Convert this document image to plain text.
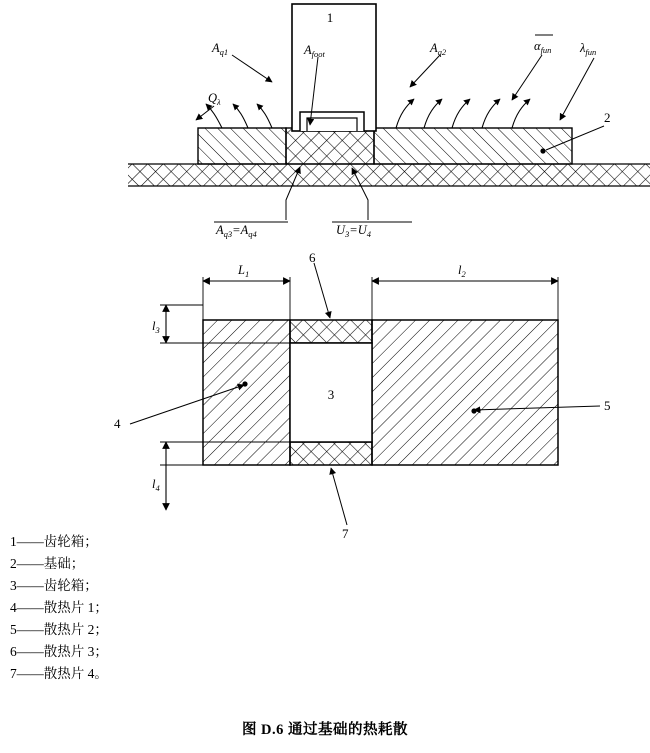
1
$A_{q1}$	$A_{foot}$	$A_{q2}$	$\alpha_{fun}$ $\lambda_{fun}$
$Q_\lambda$
2
$A_{q3}=A_{q4}$	$U_3=U_4$
$L_1$	$l_2$
3
$l_3$
$l_4$
4
5
6
7
1——齿轮箱；
2——基础；
3——齿轮箱；
4——散热片 1；
5——散热片 2；
6——散热片 3；
7——散热片 4。
图 D.6 通过基础的热耗散
